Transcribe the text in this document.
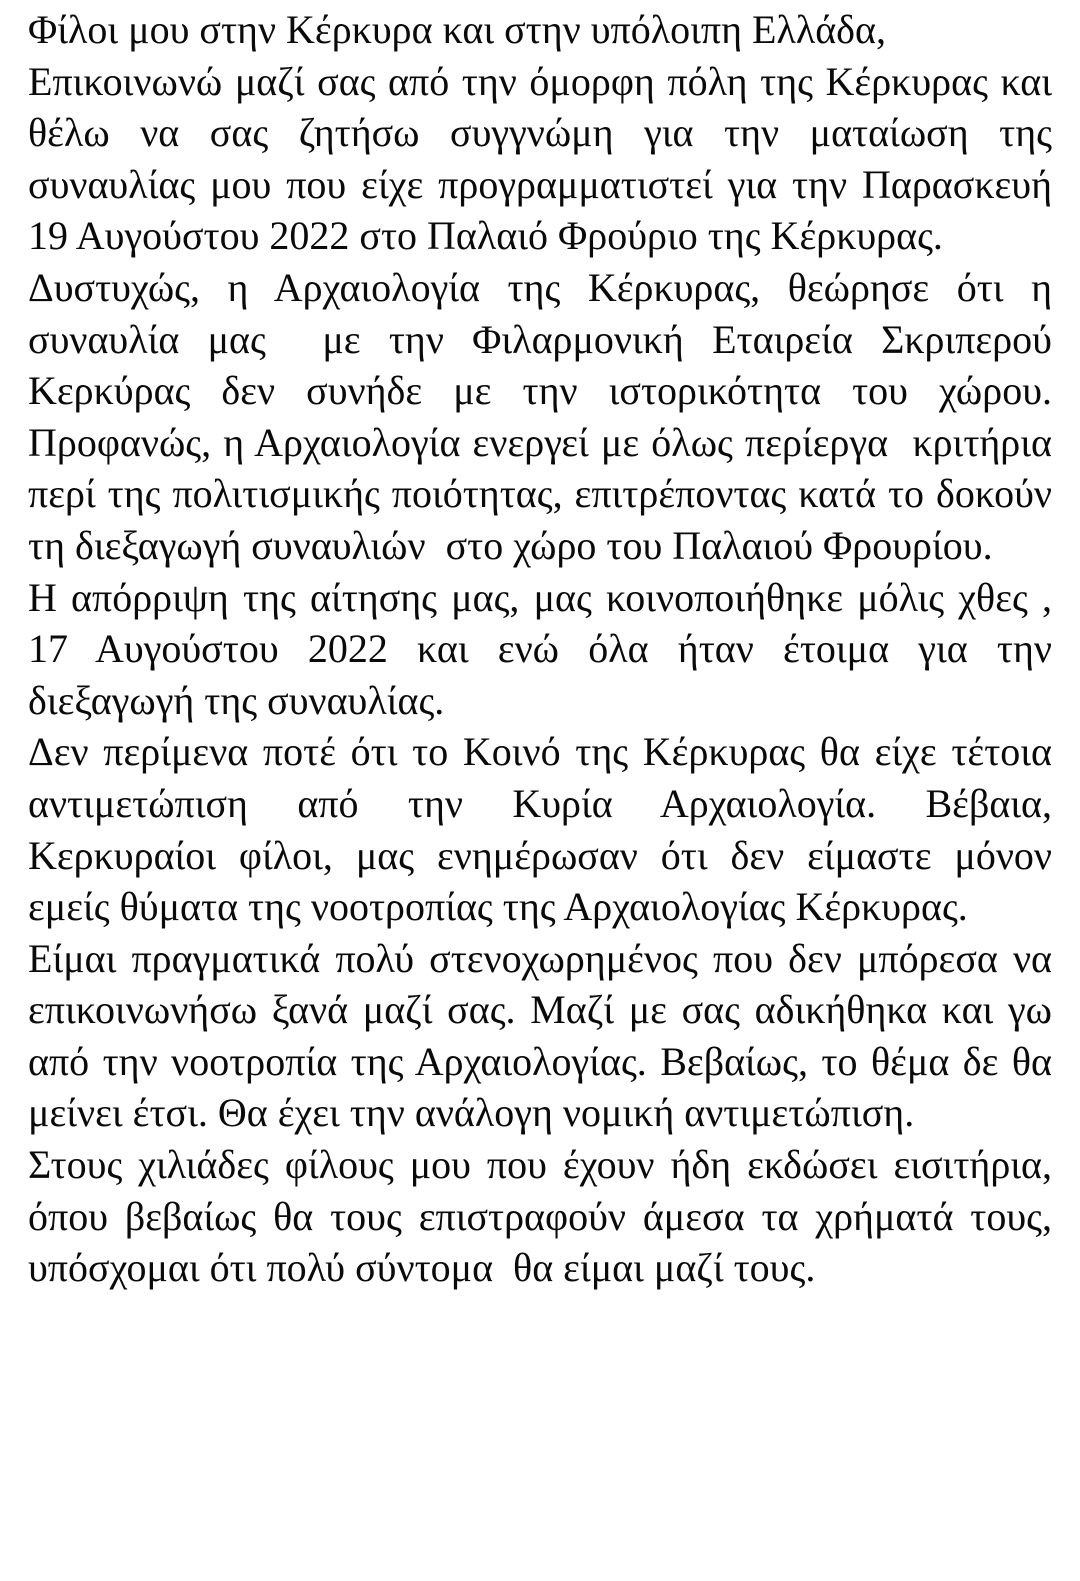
Φίλοι μου στην Κέρκυρα και στην υπόλοιπη Ελλάδα,

Επικοινωνώ μαζί σας από την όμορφη πόλη της Κέρκυρας και θέλω να σας ζητήσω συγγνώμη για την ματαίωση της συναυλίας μου που είχε προγραμματιστεί για την Παρασκευή 19 Αυγούστου 2022 στο Παλαιό Φρούριο της Κέρκυρας.

Δυστυχώς, η Αρχαιολογία της Κέρκυρας, θεώρησε ότι η συναυλία μας  με την Φιλαρμονική Εταιρεία Σκριπερού Κερκύρας δεν συνήδε με την ιστορικότητα του χώρου. Προφανώς, η Αρχαιολογία ενεργεί με όλως περίεργα  κριτήρια περί της πολιτισμικής ποιότητας, επιτρέποντας κατά το δοκούν  τη διεξαγωγή συναυλιών  στο χώρο του Παλαιού Φρουρίου.

Η απόρριψη της αίτησης μας, μας κοινοποιήθηκε μόλις χθες , 17 Αυγούστου 2022 και ενώ όλα ήταν έτοιμα για την διεξαγωγή της συναυλίας.

Δεν περίμενα ποτέ ότι το Κοινό της Κέρκυρας θα είχε τέτοια αντιμετώπιση από την Κυρία Αρχαιολογία. Βέβαια, Κερκυραίοι φίλοι, μας ενημέρωσαν ότι δεν είμαστε μόνον εμείς θύματα της νοοτροπίας της Αρχαιολογίας Κέρκυρας.

Είμαι πραγματικά πολύ στενοχωρημένος που δεν μπόρεσα να επικοινωνήσω ξανά μαζί σας. Μαζί με σας αδικήθηκα και γω από την νοοτροπία της Αρχαιολογίας. Βεβαίως, το θέμα δε θα μείνει έτσι. Θα έχει την ανάλογη νομική αντιμετώπιση.

Στους χιλιάδες φίλους μου που έχουν ήδη εκδώσει εισιτήρια, όπου βεβαίως θα τους επιστραφούν άμεσα τα χρήματά τους,  υπόσχομαι ότι πολύ σύντομα  θα είμαι μαζί τους.
